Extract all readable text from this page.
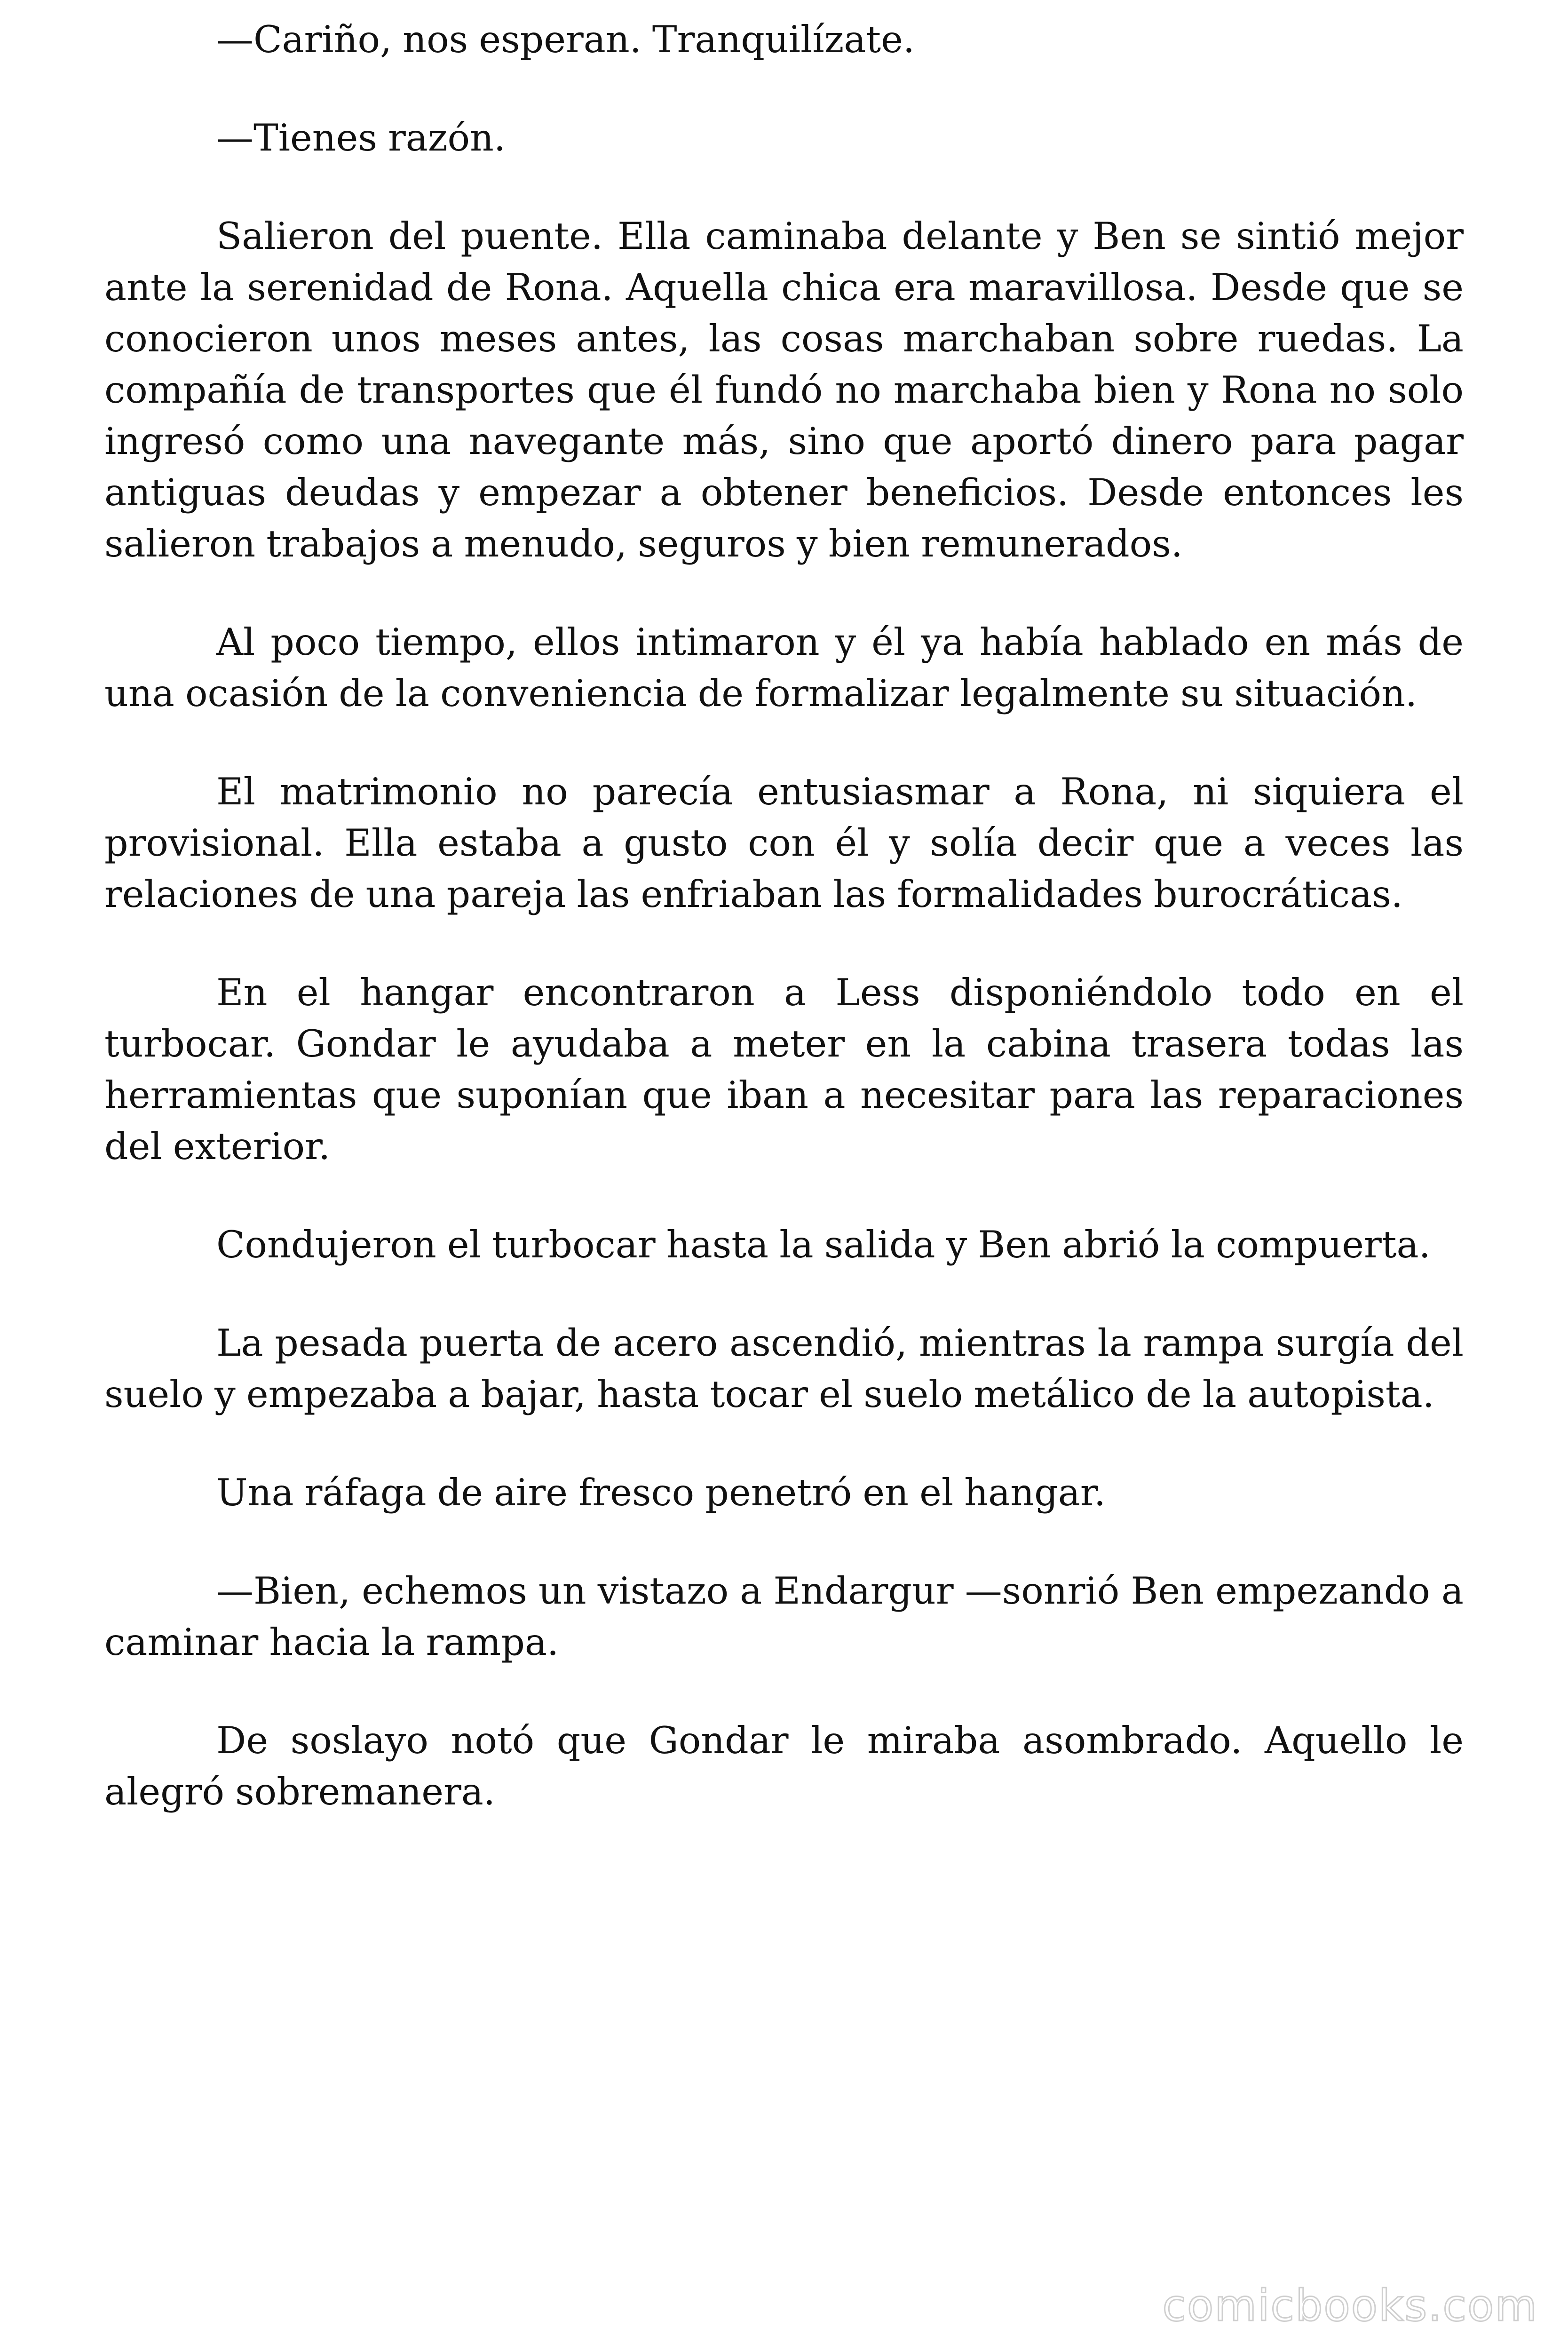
—Cariño, nos esperan. Tranquilízate.

—Tienes razón.

Salieron del puente. Ella caminaba delante y Ben se sintió mejor ante la serenidad de Rona. Aquella chica era maravillosa. Desde que se conocieron unos meses antes, las cosas marchaban sobre ruedas. La compañía de transportes que él fundó no marchaba bien y Rona no solo ingresó como una navegante más, sino que aportó dinero para pagar antiguas deudas y empezar a obtener beneficios. Desde entonces les salieron trabajos a menudo, seguros y bien remunerados.

Al poco tiempo, ellos intimaron y él ya había hablado en más de una ocasión de la conveniencia de formalizar legalmente su situación.

El matrimonio no parecía entusiasmar a Rona, ni siquiera el provisional. Ella estaba a gusto con él y solía decir que a veces las relaciones de una pareja las enfriaban las formalidades burocráticas.

En el hangar encontraron a Less disponiéndolo todo en el turbocar. Gondar le ayudaba a meter en la cabina trasera todas las herramientas que suponían que iban a necesitar para las reparaciones del exterior.

Condujeron el turbocar hasta la salida y Ben abrió la compuerta.

La pesada puerta de acero ascendió, mientras la rampa surgía del suelo y empezaba a bajar, hasta tocar el suelo metálico de la autopista.

Una ráfaga de aire fresco penetró en el hangar.

—Bien, echemos un vistazo a Endargur —sonrió Ben empezando a caminar hacia la rampa.

De soslayo notó que Gondar le miraba asombrado. Aquello le alegró sobremanera.

comicbooks.com
